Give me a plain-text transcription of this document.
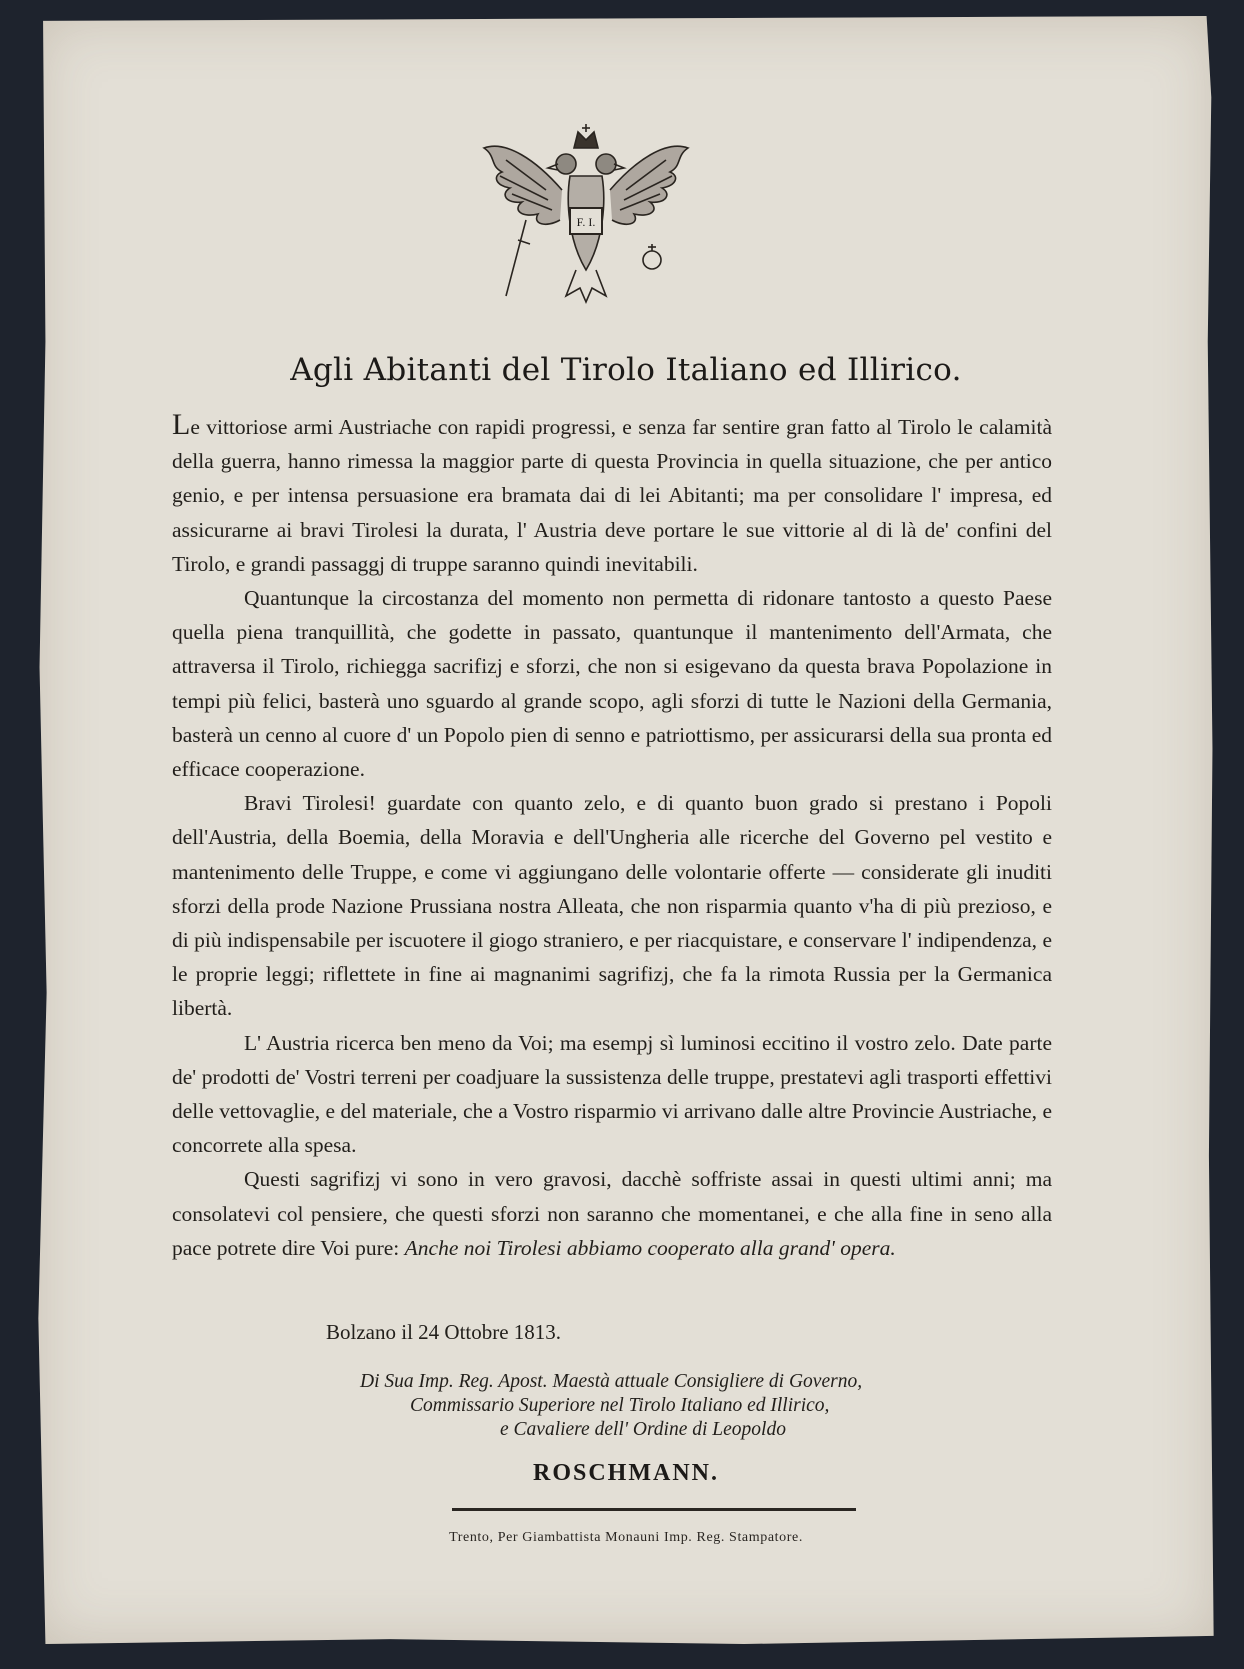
F. I.
Agli Abitanti del Tirolo Italiano ed Illirico.

Le vittoriose armi Austriache con rapidi progressi, e senza far sentire gran fatto al Tirolo le calamità della guerra, hanno rimessa la maggior parte di questa Provincia in quella situazione, che per antico genio, e per intensa persuasione era bramata dai di lei Abitanti; ma per consolidare l' impresa, ed assicurarne ai bravi Tirolesi la durata, l' Austria deve portare le sue vittorie al di là de' confini del Tirolo, e grandi passaggj di truppe saranno quindi inevitabili.

Quantunque la circostanza del momento non permetta di ridonare tantosto a questo Paese quella piena tranquillità, che godette in passato, quantunque il mantenimento dell'Armata, che attraversa il Tirolo, richiegga sacrifizj e sforzi, che non si esigevano da questa brava Popolazione in tempi più felici, basterà uno sguardo al grande scopo, agli sforzi di tutte le Nazioni della Germania, basterà un cenno al cuore d' un Popolo pien di senno e patriottismo, per assicurarsi della sua pronta ed efficace cooperazione.

Bravi Tirolesi! guardate con quanto zelo, e di quanto buon grado si prestano i Popoli dell'Austria, della Boemia, della Moravia e dell'Ungheria alle ricerche del Governo pel vestito e mantenimento delle Truppe, e come vi aggiungano delle volontarie offerte — considerate gli inuditi sforzi della prode Nazione Prussiana nostra Alleata, che non risparmia quanto v'ha di più prezioso, e di più indispensabile per iscuotere il giogo straniero, e per riacquistare, e conservare l' indipendenza, e le proprie leggi; riflettete in fine ai magnanimi sagrifizj, che fa la rimota Russia per la Germanica libertà.

L' Austria ricerca ben meno da Voi; ma esempj sì luminosi eccitino il vostro zelo. Date parte de' prodotti de' Vostri terreni per coadjuare la sussistenza delle truppe, prestatevi agli trasporti effettivi delle vettovaglie, e del materiale, che a Vostro risparmio vi arrivano dalle altre Provincie Austriache, e concorrete alla spesa.

Questi sagrifizj vi sono in vero gravosi, dacchè soffriste assai in questi ultimi anni; ma consolatevi col pensiere, che questi sforzi non saranno che momentanei, e che alla fine in seno alla pace potrete dire Voi pure: Anche noi Tirolesi abbiamo cooperato alla grand' opera.

Bolzano il 24 Ottobre 1813.
Di Sua Imp. Reg. Apost. Maestà attuale Consigliere di Governo,
Commissario Superiore nel Tirolo Italiano ed Illirico,
e Cavaliere dell' Ordine di Leopoldo
ROSCHMANN.
Trento, Per Giambattista Monauni Imp. Reg. Stampatore.
